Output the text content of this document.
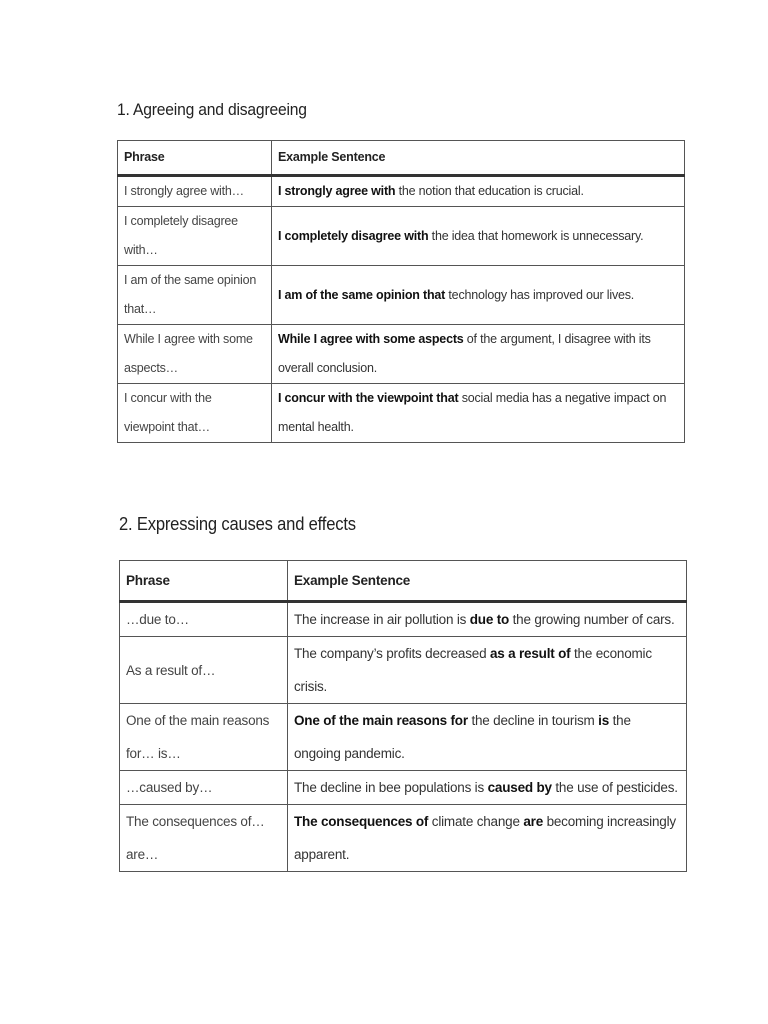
1. Agreeing and disagreeing
Phrase	Example Sentence
I strongly agree with…	I strongly agree with the notion that education is crucial.
I completely disagree with…	I completely disagree with the idea that homework is unnecessary.
I am of the same opinion that…	I am of the same opinion that technology has improved our lives.
While I agree with some aspects…	While I agree with some aspects of the argument, I disagree with its overall conclusion.
I concur with the viewpoint that…	I concur with the viewpoint that social media has a negative impact on mental health.
2. Expressing causes and effects
Phrase	Example Sentence
…due to…	The increase in air pollution is due to the growing number of cars.
As a result of…	The company’s profits decreased as a result of the economic crisis.
One of the main reasons for… is…	One of the main reasons for the decline in tourism is the ongoing pandemic.
…caused by…	The decline in bee populations is caused by the use of pesticides.
The consequences of… are…	The consequences of climate change are becoming increasingly apparent.
